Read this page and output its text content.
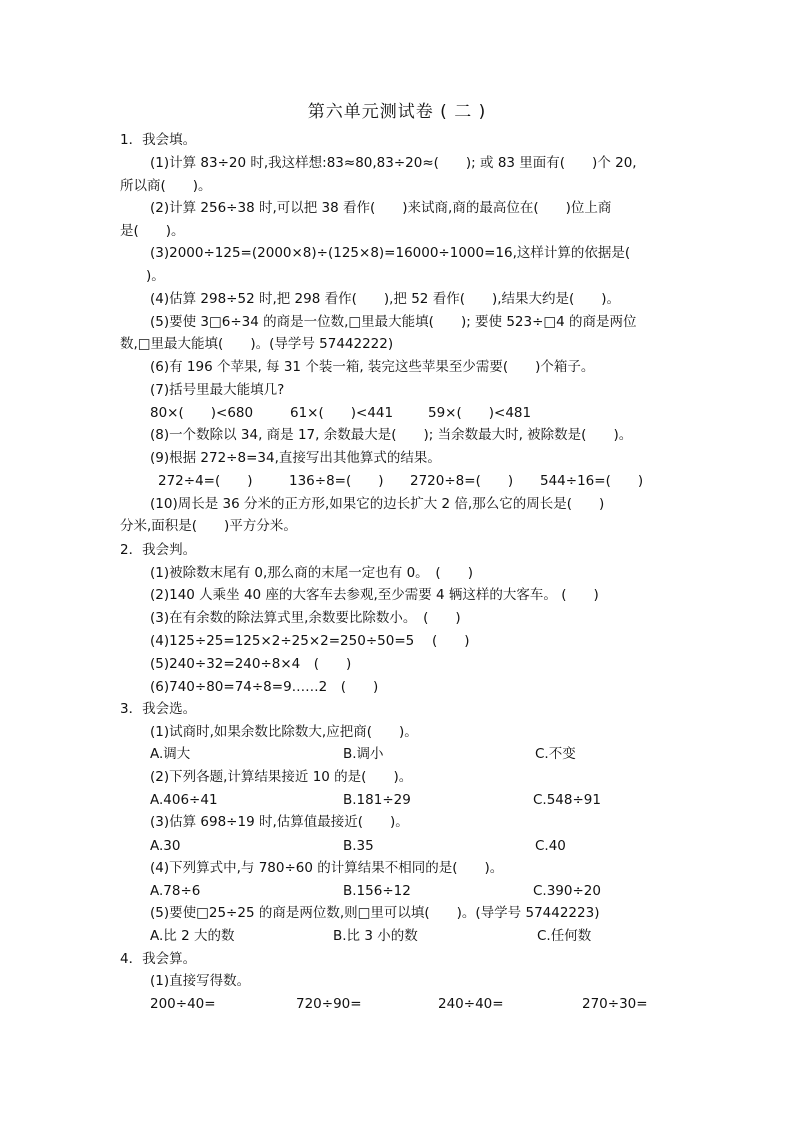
第六单元测试卷 ( 二 )
1．我会填。
(1)计算 83÷20 时,我这样想:83≈80,83÷20≈(　　); 或 83 里面有(　　)个 20,
所以商(　　)。
(2)计算 256÷38 时,可以把 38 看作(　　)来试商,商的最高位在(　　)位上商
是(　　)。
(3)2000÷125=(2000×8)÷(125×8)=16000÷1000=16,这样计算的依据是(
)。
(4)估算 298÷52 时,把 298 看作(　　),把 52 看作(　　),结果大约是(　　)。
(5)要使 3□6÷34 的商是一位数,□里最大能填(　　); 要使 523÷□4 的商是两位
数,□里最大能填(　　)。(导学号 57442222)
(6)有 196 个苹果, 每 31 个装一箱, 装完这些苹果至少需要(　　)个箱子。
(7)括号里最大能填几?
80×(　　)<680	61×(　　)<441	59×(　　)<481
(8)一个数除以 34, 商是 17, 余数最大是(　　); 当余数最大时, 被除数是(　　)。
(9)根据 272÷8=34,直接写出其他算式的结果。
272÷4=(　　)	136÷8=(　　) 2720÷8=(　　) 544÷16=(　　)
(10)周长是 36 分米的正方形,如果它的边长扩大 2 倍,那么它的周长是(　　)
分米,面积是(　　)平方分米。
2．我会判。
(1)被除数末尾有 0,那么商的末尾一定也有 0。　(　　)
(2)140 人乘坐 40 座的大客车去参观,至少需要 4 辆这样的大客车。 (　　)
(3)在有余数的除法算式里,余数要比除数小。　(　　)
(4)125÷25=125×2÷25×2=250÷50=5　 (　　)
(5)240÷32=240÷8×4　(　　)
(6)740÷80=74÷8=9……2　(　　)
3．我会选。
(1)试商时,如果余数比除数大,应把商(　　)。
A.调大	B.调小	C.不变
(2)下列各题,计算结果接近 10 的是(　　)。
A.406÷41	B.181÷29	C.548÷91
(3)估算 698÷19 时,估算值最接近(　　)。
A.30	B.35	C.40
(4)下列算式中,与 780÷60 的计算结果不相同的是(　　)。
A.78÷6	B.156÷12	C.390÷20
(5)要使□25÷25 的商是两位数,则□里可以填(　　)。(导学号 57442223)
A.比 2 大的数	B.比 3 小的数	C.任何数
4．我会算。
(1)直接写得数。
200÷40=	720÷90=	240÷40=	270÷30=
